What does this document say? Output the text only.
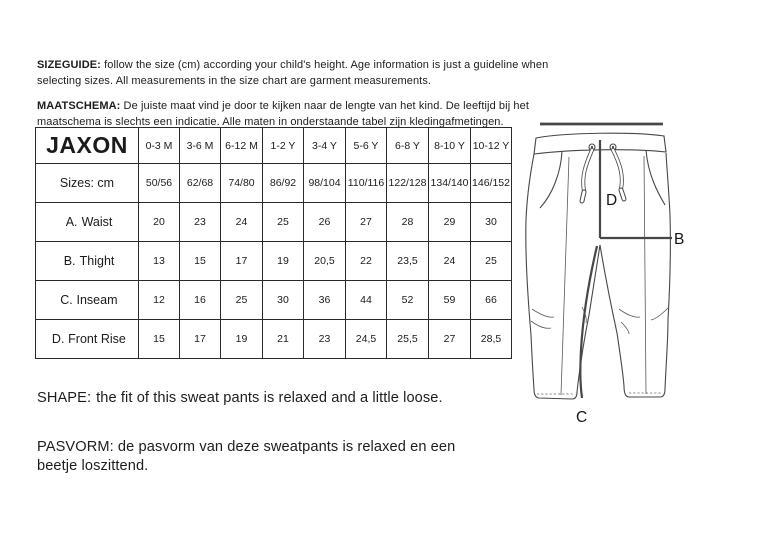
SIZEGUIDE: follow the size (cm) according your child's height. Age information is just a guideline when selecting sizes. All measurements in the size chart are garment measurements.

MAATSCHEMA: De juiste maat vind je door te kijken naar de lengte van het kind. De leeftijd bij het maatschema is slechts een indicatie. Alle maten in onderstaande tabel zijn kledingafmetingen.

JAXON	0-3 M	3-6 M	6-12 M	1-2 Y	3-4 Y	5-6 Y	6-8 Y	8-10 Y	10-12 Y
Sizes: cm	50/56	62/68	74/80	86/92	98/104	110/116	122/128	134/140	146/152
A. Waist	20	23	24	25	26	27	28	29	30
B. Thight	13	15	17	19	20,5	22	23,5	24	25
C. Inseam	12	16	25	30	36	44	52	59	66
D. Front Rise	15	17	19	21	23	24,5	25,5	27	28,5
D
B
C

SHAPE: the fit of this sweat pants is relaxed and a little loose.

PASVORM: de pasvorm van deze sweatpants is relaxed en een beetje loszittend.
